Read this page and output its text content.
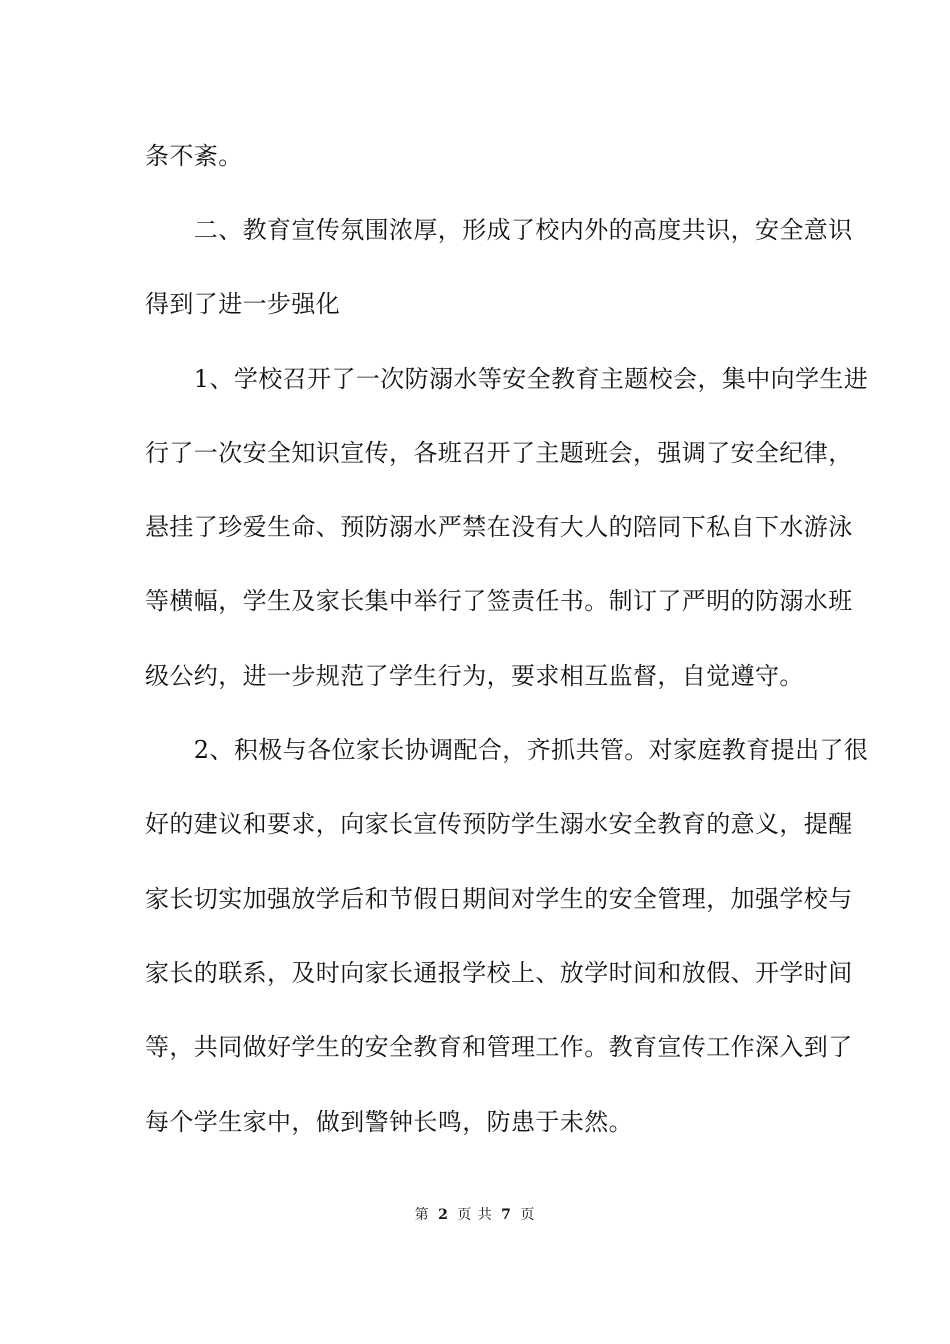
条不紊。
　　二、教育宣传氛围浓厚，形成了校内外的高度共识，安全意识
得到了进一步强化
　　1、学校召开了一次防溺水等安全教育主题校会，集中向学生进
行了一次安全知识宣传，各班召开了主题班会，强调了安全纪律，
悬挂了珍爱生命、预防溺水严禁在没有大人的陪同下私自下水游泳
等横幅，学生及家长集中举行了签责任书。制订了严明的防溺水班
级公约，进一步规范了学生行为，要求相互监督，自觉遵守。
　　2、积极与各位家长协调配合，齐抓共管。对家庭教育提出了很
好的建议和要求，向家长宣传预防学生溺水安全教育的意义，提醒
家长切实加强放学后和节假日期间对学生的安全管理，加强学校与
家长的联系，及时向家长通报学校上、放学时间和放假、开学时间
等，共同做好学生的安全教育和管理工作。教育宣传工作深入到了
每个学生家中，做到警钟长鸣，防患于未然。
第 2 页 共 7 页
